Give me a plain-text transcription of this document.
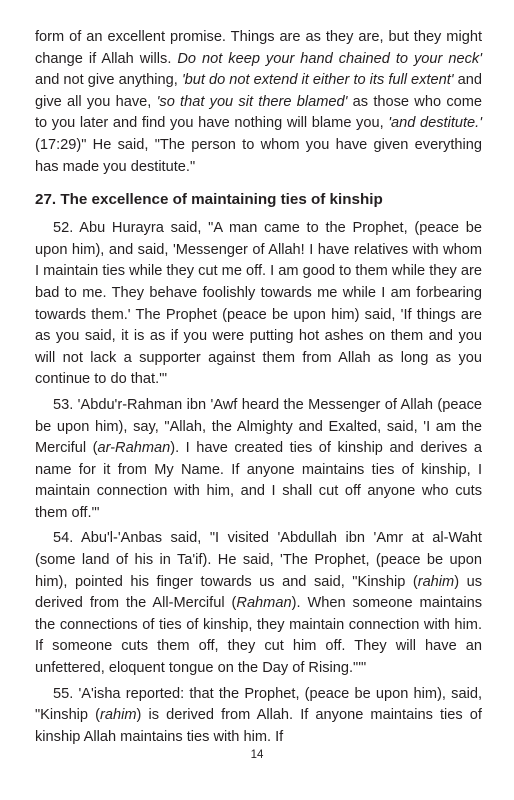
form of an excellent promise. Things are as they are, but they might change if Allah wills. Do not keep your hand chained to your neck' and not give anything, 'but do not extend it either to its full extent' and give all you have, 'so that you sit there blamed' as those who come to you later and find you have nothing will blame you, 'and destitute.' (17:29)" He said, "The person to whom you have given everything has made you destitute."

27. The excellence of maintaining ties of kinship

52. Abu Hurayra said, "A man came to the Prophet, (peace be upon him), and said, 'Messenger of Allah! I have relatives with whom I maintain ties while they cut me off. I am good to them while they are bad to me. They behave foolishly towards me while I am forbearing towards them.' The Prophet (peace be upon him) said, 'If things are as you said, it is as if you were putting hot ashes on them and you will not lack a supporter against them from Allah as long as you continue to do that.'"

53. 'Abdu'r-Rahman ibn 'Awf heard the Messenger of Allah (peace be upon him), say, "Allah, the Almighty and Exalted, said, 'I am the Merciful (ar-Rahman). I have created ties of kinship and derives a name for it from My Name. If anyone maintains ties of kinship, I maintain connection with him, and I shall cut off anyone who cuts them off.'"

54. Abu'l-'Anbas said, "I visited 'Abdullah ibn 'Amr at al-Waht (some land of his in Ta'if). He said, 'The Prophet, (peace be upon him), pointed his finger towards us and said, "Kinship (rahim) us derived from the All-Merciful (Rahman). When someone maintains the connections of ties of kinship, they maintain connection with him. If someone cuts them off, they cut him off. They will have an unfettered, eloquent tongue on the Day of Rising."'"

55. 'A'isha reported: that the Prophet, (peace be upon him), said, "Kinship (rahim) is derived from Allah. If anyone maintains ties of kinship Allah maintains ties with him. If

14
